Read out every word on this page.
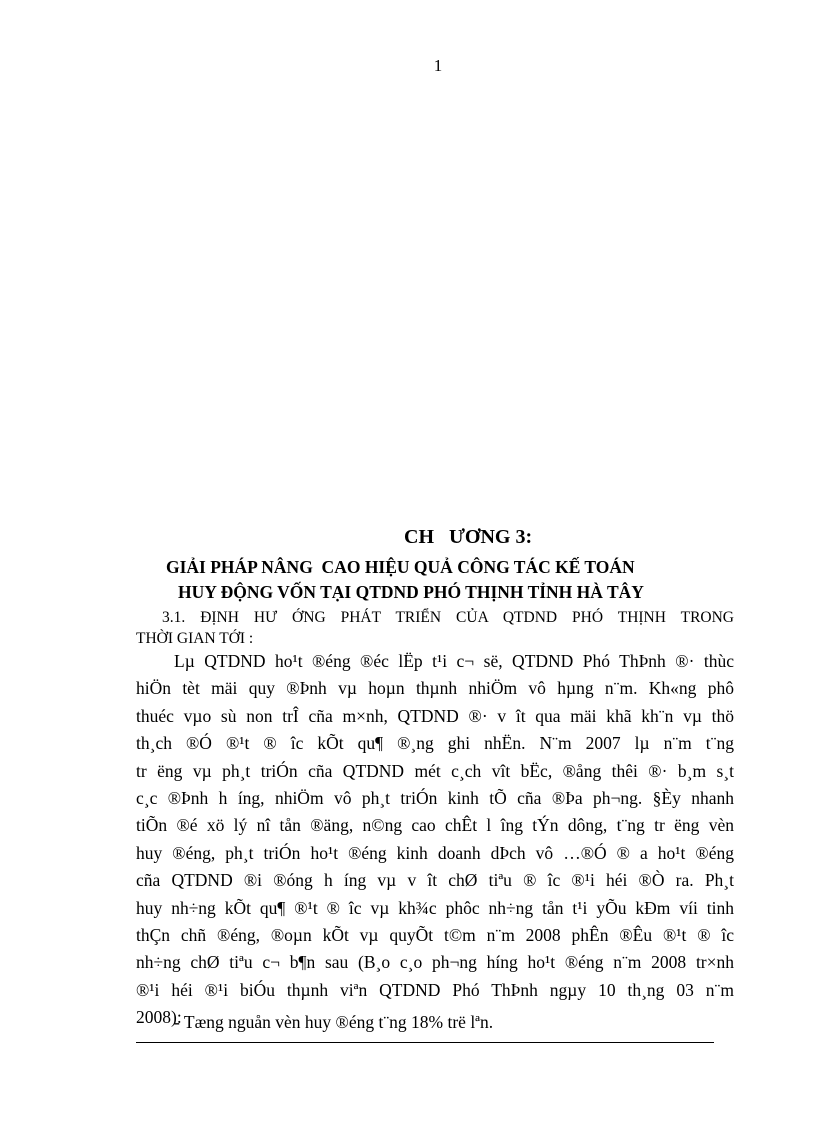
1
CH   ƯƠNG 3:
GIẢI PHÁP NÂNG  CAO HIỆU QUẢ CÔNG TÁC KẾ TOÁN
HUY ĐỘNG VỐN TẠI QTDND PHÓ THỊNH TỈNH HÀ TÂY
3.1. ĐỊNH HƯ ỚNG PHÁT TRIỂN CỦA QTDND PHÓ THỊNH TRONG
THỜI GIAN TỚI :
Lµ QTDND ho¹t ®éng ®éc lËp t¹i c¬ së, QTDND Phó ThÞnh ®· thùc
hiÖn tèt mäi quy ®Þnh vµ hoµn thµnh nhiÖm vô hµng n¨m. Kh«ng phô
thuéc vµo sù non trÎ cña m×nh, QTDND ®· v ît qua mäi khã kh¨n vµ thö
th¸ch ®Ó ®¹t ® îc kÕt qu¶ ®¸ng ghi nhËn. N¨m 2007 lµ n¨m t¨ng
tr ëng vµ ph¸t triÓn cña QTDND mét c¸ch vît bËc, ®ång thêi ®· b¸m s¸t
c¸c ®Þnh h íng, nhiÖm vô ph¸t triÓn kinh tÕ cña ®Þa ph¬ng. §Èy nhanh
tiÕn ®é xö lý nî tån ®äng, n©ng cao chÊt l îng tÝn dông, t¨ng tr ëng vèn
huy ®éng, ph¸t triÓn ho¹t ®éng kinh doanh dÞch vô …®Ó ® a ho¹t ®éng
cña QTDND ®i ®óng h íng vµ v ît chØ tiªu ® îc ®¹i héi ®Ò ra. Ph¸t
huy nh÷ng kÕt qu¶ ®¹t ® îc vµ kh¾c phôc nh÷ng tån t¹i yÕu kÐm víi tinh
thÇn chñ ®éng, ®oµn kÕt vµ quyÕt t©m n¨m 2008 phÊn ®Êu ®¹t ® îc
nh÷ng chØ tiªu c¬ b¶n sau (B¸o c¸o ph¬ng híng ho¹t ®éng n¨m 2008 tr×nh
®¹i héi ®¹i biÓu thµnh viªn QTDND Phó ThÞnh ngµy 10 th¸ng 03 n¨m
2008):
- Tæng nguån vèn huy ®éng t¨ng 18% trë lªn.
